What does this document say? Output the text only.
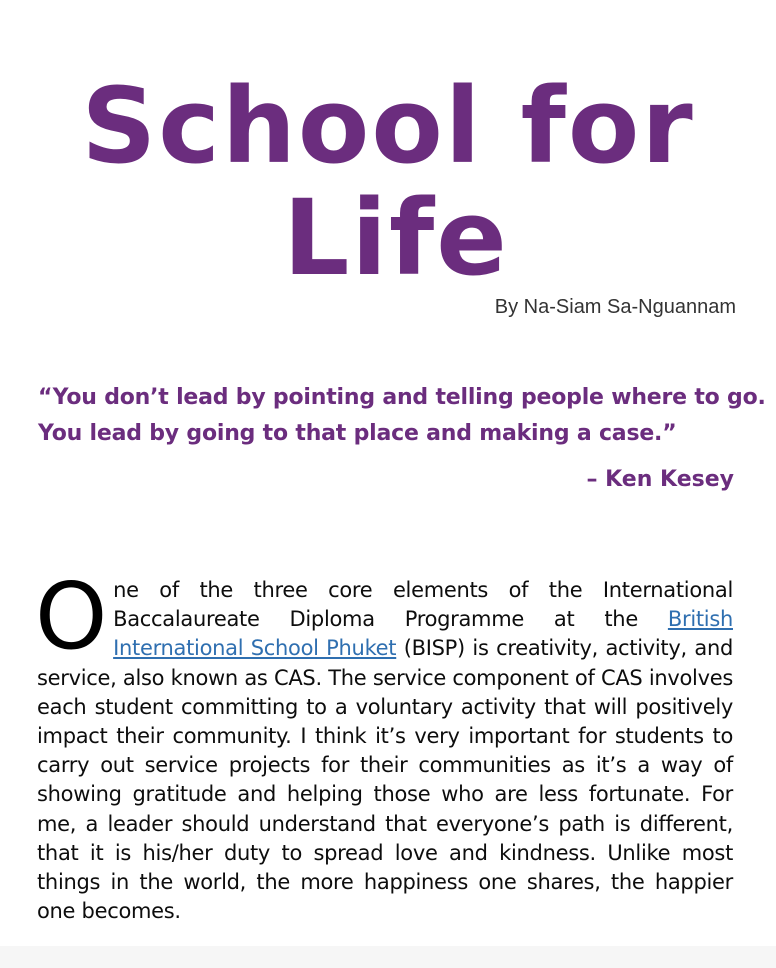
School for
Life
By Na-Siam Sa-Nguannam

“You don’t lead by pointing and telling people where to go.

You lead by going to that place and making a case.”

– Ken Kesey
One of the three core elements of the International Baccalaureate Diploma Programme at the British International School Phuket (BISP) is creativity, activity, and service, also known as CAS. The service component of CAS involves each student committing to a voluntary activity that will positively impact their community. I think it’s very important for students to carry out service projects for their communities as it’s a way of showing gratitude and helping those who are less fortunate. For me, a leader should understand that everyone’s path is different, that it is his/her duty to spread love and kindness. Unlike most things in the world, the more happiness one shares, the happier one becomes.
